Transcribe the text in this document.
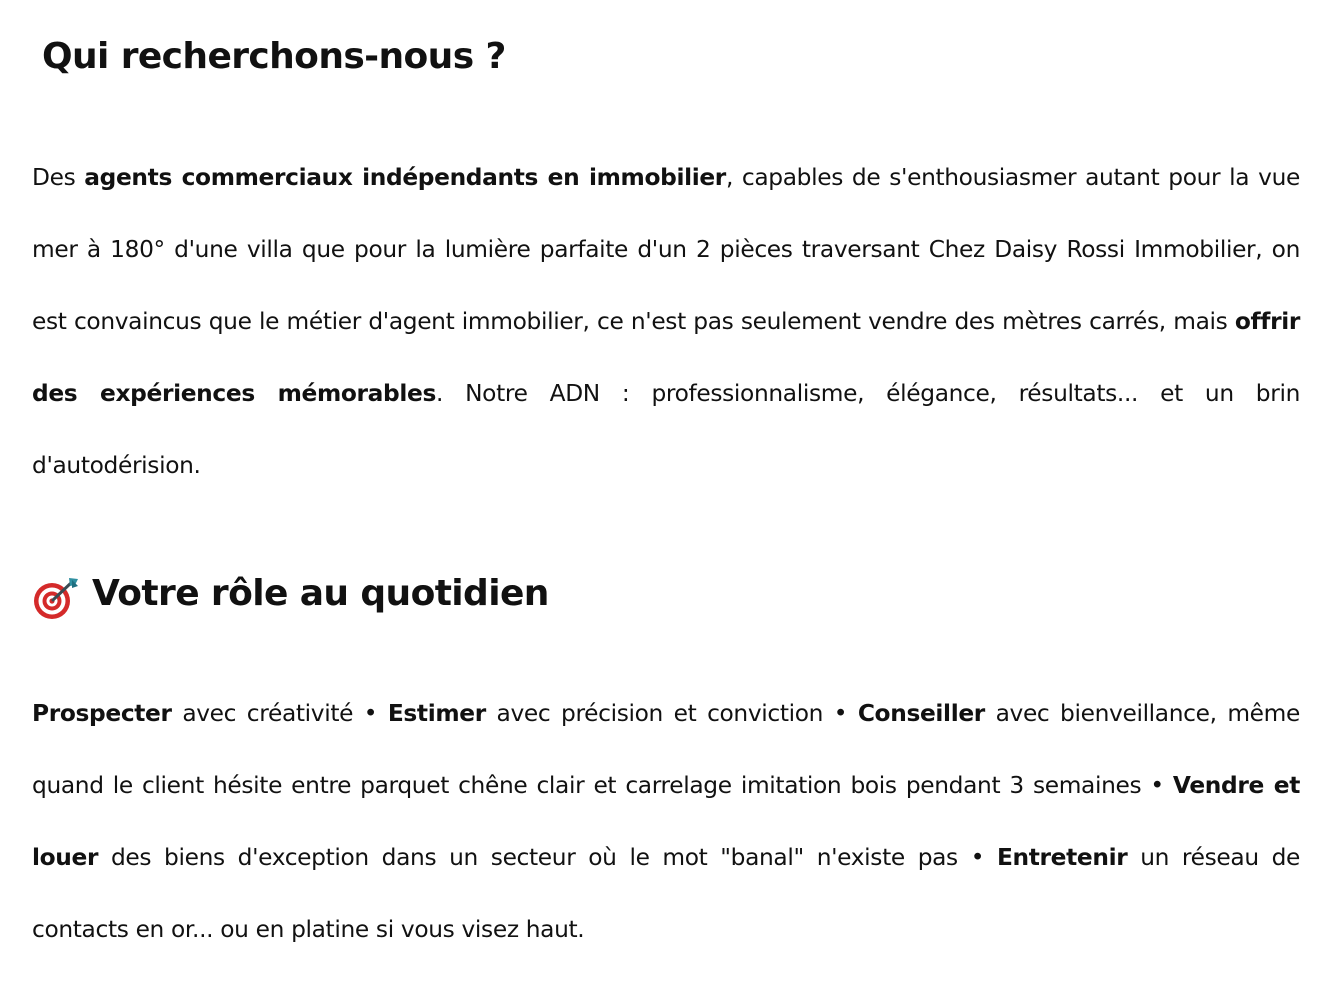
Qui recherchons-nous ?

Des agents commerciaux indépendants en immobilier, capables de s'enthousiasmer autant pour la vue mer à 180° d'une villa que pour la lumière parfaite d'un 2 pièces traversant Chez Daisy Rossi Immobilier, on est convaincus que le métier d'agent immobilier, ce n'est pas seulement vendre des mètres carrés, mais offrir des expériences mémorables. Notre ADN : professionnalisme, élégance, résultats... et un brin d'autodérision.

Votre rôle au quotidien

Prospecter avec créativité • Estimer avec précision et conviction • Conseiller avec bienveillance, même quand le client hésite entre parquet chêne clair et carrelage imitation bois pendant 3 semaines • Vendre et louer des biens d'exception dans un secteur où le mot "banal" n'existe pas • Entretenir un réseau de contacts en or... ou en platine si vous visez haut.
